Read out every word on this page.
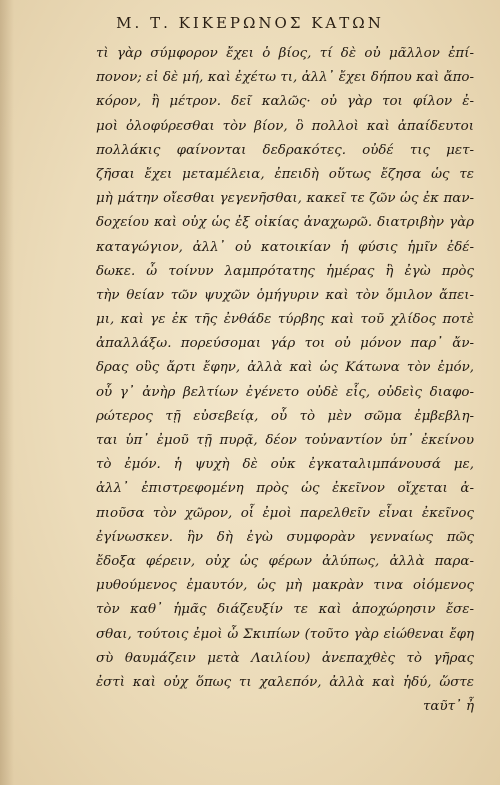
Μ. Τ. ΚΙΚΕΡΩΝΟΣ ΚΑΤΩΝ
τὶ γὰρ σύμφορον ἔχει ὁ βίος, τί δὲ οὐ μᾶλλον ἐπί-
πονον; εἰ δὲ μή, καὶ ἐχέτω τι, ἀλλ᾽ ἔχει δήπου καὶ ἄπο-
κόρον, ἢ μέτρον. δεῖ καλῶς· οὐ γὰρ τοι φίλον ἐ-
μοὶ ὀλοφύρεσθαι τὸν βίον, ὃ πολλοὶ καὶ ἀπαίδευτοι
πολλάκις φαίνονται δεδρακότες. οὐδέ τις μετ-
ζῆσαι ἔχει μεταμέλεια, ἐπειδὴ οὕτως ἔζησα ὡς τε
μὴ μάτην οἴεσθαι γεγενῆσθαι, κακεῖ τε ζῶν ὡς ἐκ παν-
δοχείου καὶ οὐχ ὡς ἐξ οἰκίας ἀναχωρῶ. διατριβὴν γὰρ
καταγώγιον, ἀλλ᾽ οὐ κατοικίαν ἡ φύσις ἡμῖν ἐδέ-
δωκε. ὦ τοίνυν λαμπρότατης ἡμέρας ἣ ἐγὼ πρὸς
τὴν θείαν τῶν ψυχῶν ὁμήγυριν καὶ τὸν ὅμιλον ἄπει-
μι, καὶ γε ἐκ τῆς ἐνθάδε τύρβης καὶ τοῦ χλίδος ποτὲ
ἀπαλλάξω. πορεύσομαι γάρ τοι οὐ μόνον παρ᾽ ἄν-
δρας οὓς ἄρτι ἔφην, ἀλλὰ καὶ ὡς Κάτωνα τὸν ἐμόν,
οὗ γ᾽ ἀνὴρ βελτίων ἐγένετο οὐδὲ εἷς, οὐδεὶς διαφο-
ρώτερος τῇ εὐσεβείᾳ, οὗ τὸ μὲν σῶμα ἐμβεβλη-
ται ὑπ᾽ ἐμοῦ τῇ πυρᾷ, δέον τοὐναντίον ὑπ᾽ ἐκείνου
τὸ ἐμόν. ἡ ψυχὴ δὲ οὐκ ἐγκαταλιμπάνουσά με,
ἀλλ᾽ ἐπιστρεφομένη πρὸς ὡς ἐκεῖνον οἴχεται ἀ-
πιοῦσα τὸν χῶρον, οἷ ἐμοὶ παρελθεῖν εἶναι ἐκεῖνος
ἐγίνωσκεν. ἣν δὴ ἐγὼ συμφορὰν γενναίως πῶς
ἔδοξα φέρειν, οὐχ ὡς φέρων ἀλύπως, ἀλλὰ παρα-
μυθούμενος ἐμαυτόν, ὡς μὴ μακρὰν τινα οἰόμενος
τὸν καθ᾽ ἡμᾶς διάζευξίν τε καὶ ἀποχώρησιν ἔσε-
σθαι, τούτοις ἐμοὶ ὦ Σκιπίων (τοῦτο γὰρ εἰώθεναι ἔφη
σὺ θαυμάζειν μετὰ Λαιλίου) ἀνεπαχθὲς τὸ γῆρας
ἐστὶ καὶ οὐχ ὅπως τι χαλεπόν, ἀλλὰ καὶ ἡδύ, ὥστε
ταῦτ᾽ ἦ
